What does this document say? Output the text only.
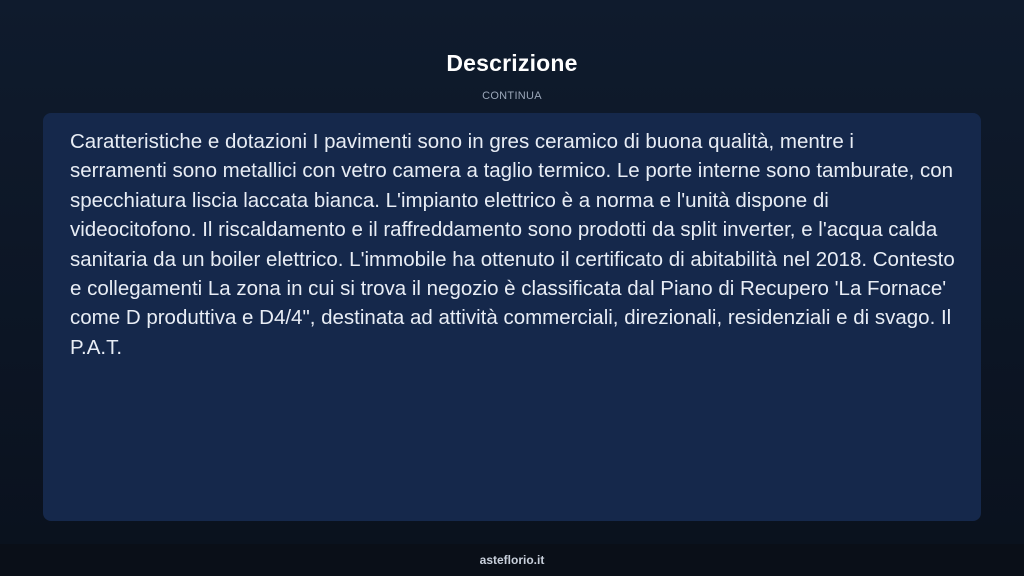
Descrizione
CONTINUA

Caratteristiche e dotazioni I pavimenti sono in gres ceramico di buona qualità, mentre i serramenti sono metallici con vetro camera a taglio termico. Le porte interne sono tamburate, con specchiatura liscia laccata bianca. L'impianto elettrico è a norma e l'unità dispone di videocitofono. Il riscaldamento e il raffreddamento sono prodotti da split inverter, e l'acqua calda sanitaria da un boiler elettrico. L'immobile ha ottenuto il certificato di abitabilità nel 2018. Contesto e collegamenti La zona in cui si trova il negozio è classificata dal Piano di Recupero 'La Fornace' come D produttiva e D4/4", destinata ad attività commerciali, direzionali, residenziali e di svago. Il P.A.T.

asteflorio.it
